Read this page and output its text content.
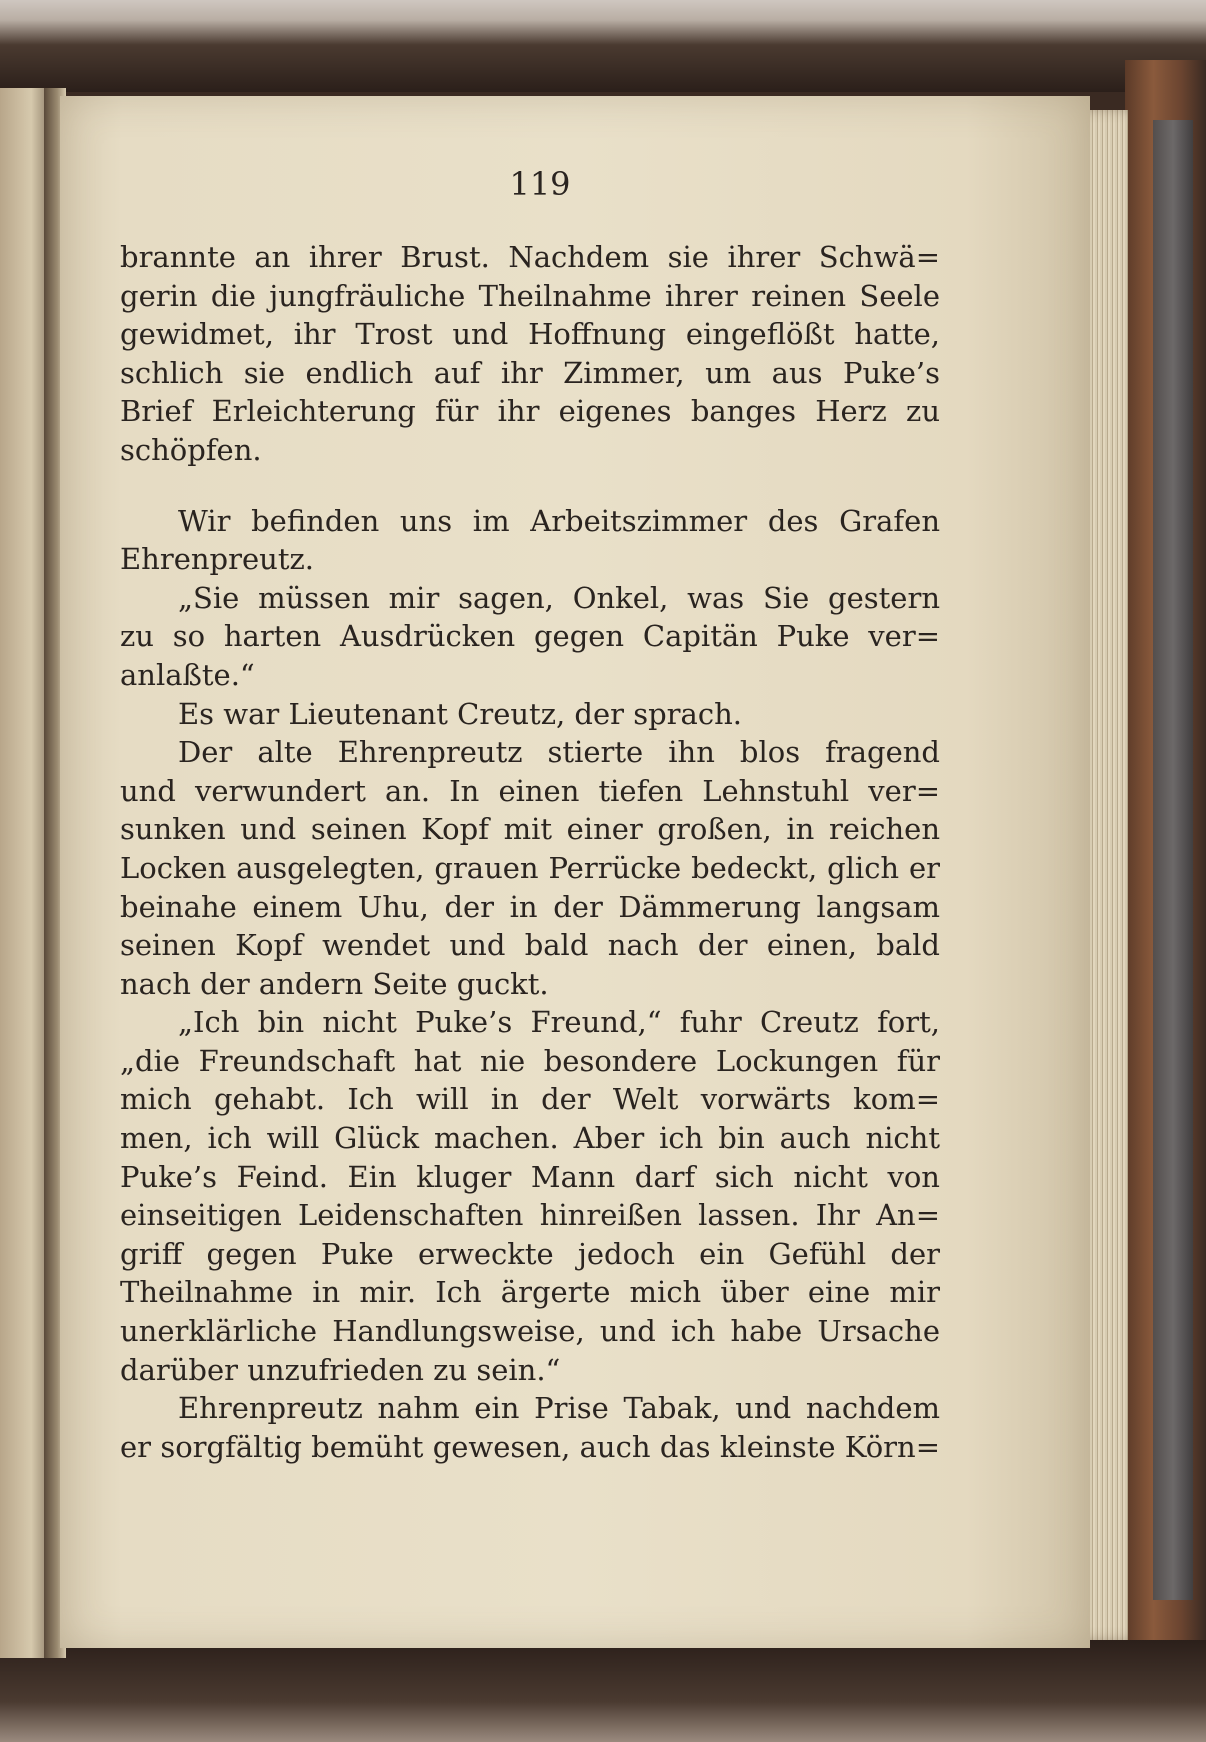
119
brannte an ihrer Brust. Nachdem sie ihrer Schwä=
gerin die jungfräuliche Theilnahme ihrer reinen Seele
gewidmet, ihr Trost und Hoffnung eingeflößt hatte,
schlich sie endlich auf ihr Zimmer, um aus Puke’s
Brief Erleichterung für ihr eigenes banges Herz zu
schöpfen.
Wir befinden uns im Arbeitszimmer des Grafen
Ehrenpreutz.
„Sie müssen mir sagen, Onkel, was Sie gestern
zu so harten Ausdrücken gegen Capitän Puke ver=
anlaßte.“
Es war Lieutenant Creutz, der sprach.
Der alte Ehrenpreutz stierte ihn blos fragend
und verwundert an. In einen tiefen Lehnstuhl ver=
sunken und seinen Kopf mit einer großen, in reichen
Locken ausgelegten, grauen Perrücke bedeckt, glich er
beinahe einem Uhu, der in der Dämmerung langsam
seinen Kopf wendet und bald nach der einen, bald
nach der andern Seite guckt.
„Ich bin nicht Puke’s Freund,“ fuhr Creutz fort,
„die Freundschaft hat nie besondere Lockungen für
mich gehabt. Ich will in der Welt vorwärts kom=
men, ich will Glück machen. Aber ich bin auch nicht
Puke’s Feind. Ein kluger Mann darf sich nicht von
einseitigen Leidenschaften hinreißen lassen. Ihr An=
griff gegen Puke erweckte jedoch ein Gefühl der
Theilnahme in mir. Ich ärgerte mich über eine mir
unerklärliche Handlungsweise, und ich habe Ursache
darüber unzufrieden zu sein.“
Ehrenpreutz nahm ein Prise Tabak, und nachdem
er sorgfältig bemüht gewesen, auch das kleinste Körn=
